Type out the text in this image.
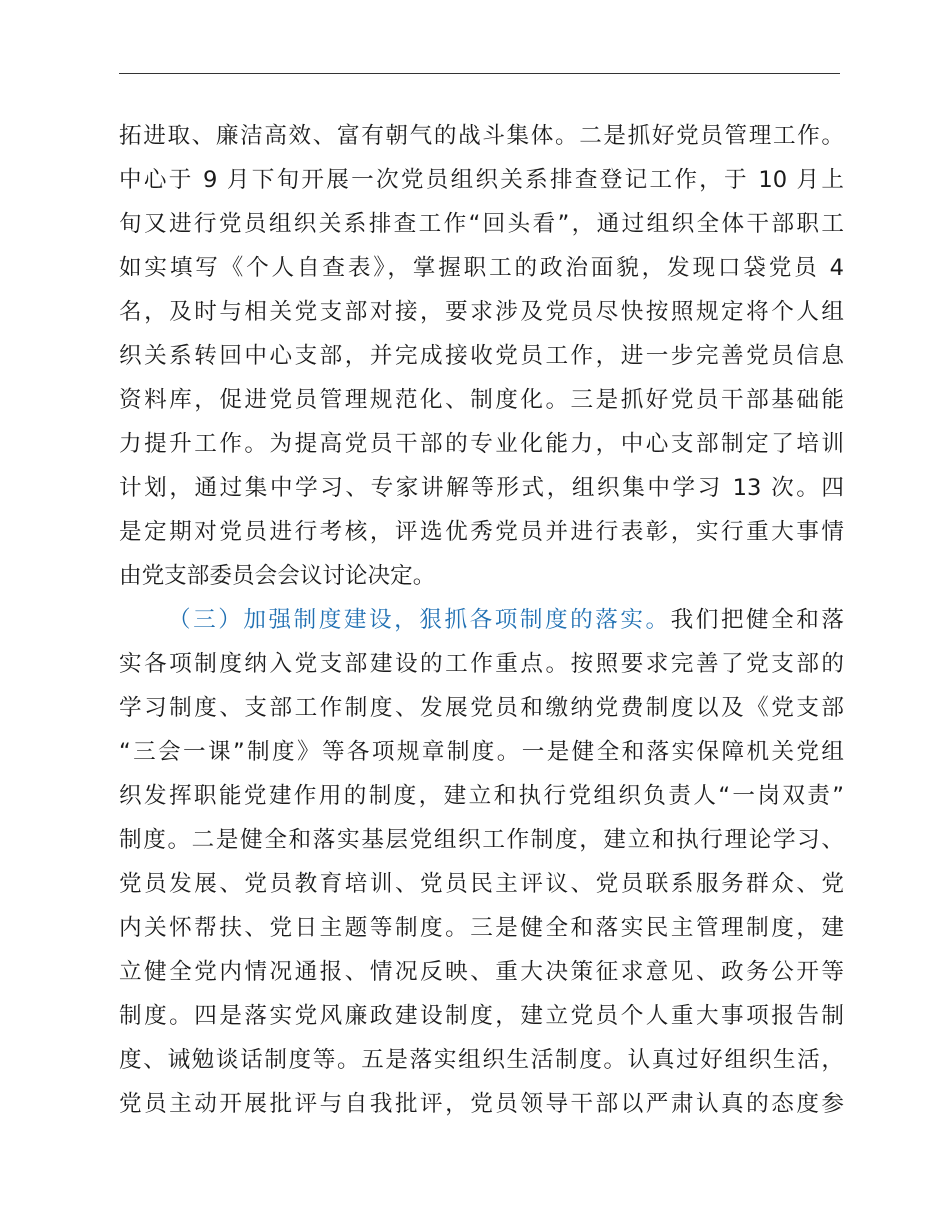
拓进取、廉洁高效、富有朝气的战斗集体。二是抓好党员管理工作。
中心于 9 月下旬开展一次党员组织关系排查登记工作，于 10 月上
旬又进行党员组织关系排查工作“回头看”，通过组织全体干部职工
如实填写《个人自查表》，掌握职工的政治面貌，发现口袋党员 4
名，及时与相关党支部对接，要求涉及党员尽快按照规定将个人组
织关系转回中心支部，并完成接收党员工作，进一步完善党员信息
资料库，促进党员管理规范化、制度化。三是抓好党员干部基础能
力提升工作。为提高党员干部的专业化能力，中心支部制定了培训
计划，通过集中学习、专家讲解等形式，组织集中学习 13 次。四
是定期对党员进行考核，评选优秀党员并进行表彰，实行重大事情
由党支部委员会会议讨论决定。
（三）加强制度建设，狠抓各项制度的落实。我们把健全和落
实各项制度纳入党支部建设的工作重点。按照要求完善了党支部的
学习制度、支部工作制度、发展党员和缴纳党费制度以及《党支部
“三会一课”制度》等各项规章制度。一是健全和落实保障机关党组
织发挥职能党建作用的制度，建立和执行党组织负责人“一岗双责”
制度。二是健全和落实基层党组织工作制度，建立和执行理论学习、
党员发展、党员教育培训、党员民主评议、党员联系服务群众、党
内关怀帮扶、党日主题等制度。三是健全和落实民主管理制度，建
立健全党内情况通报、情况反映、重大决策征求意见、政务公开等
制度。四是落实党风廉政建设制度，建立党员个人重大事项报告制
度、诫勉谈话制度等。五是落实组织生活制度。认真过好组织生活，
党员主动开展批评与自我批评，党员领导干部以严肃认真的态度参
